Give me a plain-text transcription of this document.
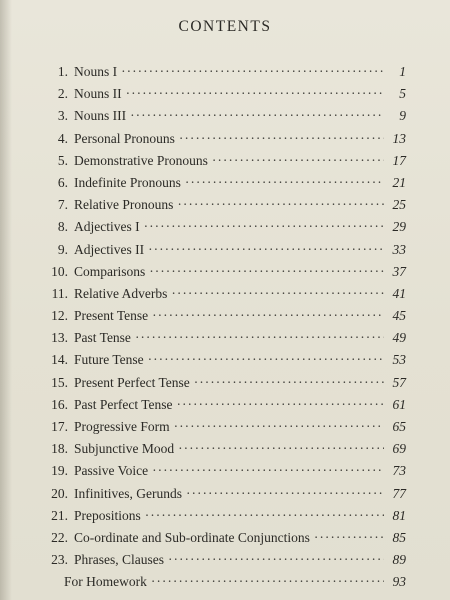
CONTENTS
1. Nouns I ·····	1
2. Nouns II ·····	5
3. Nouns III ·····	9
4. Personal Pronouns ·····	13
5. Demonstrative Pronouns ·····	17
6. Indefinite Pronouns ·····	21
7. Relative Pronouns ·····	25
8. Adjectives I ·····	29
9. Adjectives II ·····	33
10. Comparisons ·····	37
11. Relative Adverbs ·····	41
12. Present Tense ·····	45
13. Past Tense ·····	49
14. Future Tense ·····	53
15. Present Perfect Tense ·····	57
16. Past Perfect Tense ·····	61
17. Progressive Form ·····	65
18. Subjunctive Mood ·····	69
19. Passive Voice ·····	73
20. Infinitives, Gerunds ·····	77
21. Prepositions ·····	81
22. Co-ordinate and Sub-ordinate Conjunctions ·····	85
23. Phrases, Clauses ·····	89
For Homework ·····	93
